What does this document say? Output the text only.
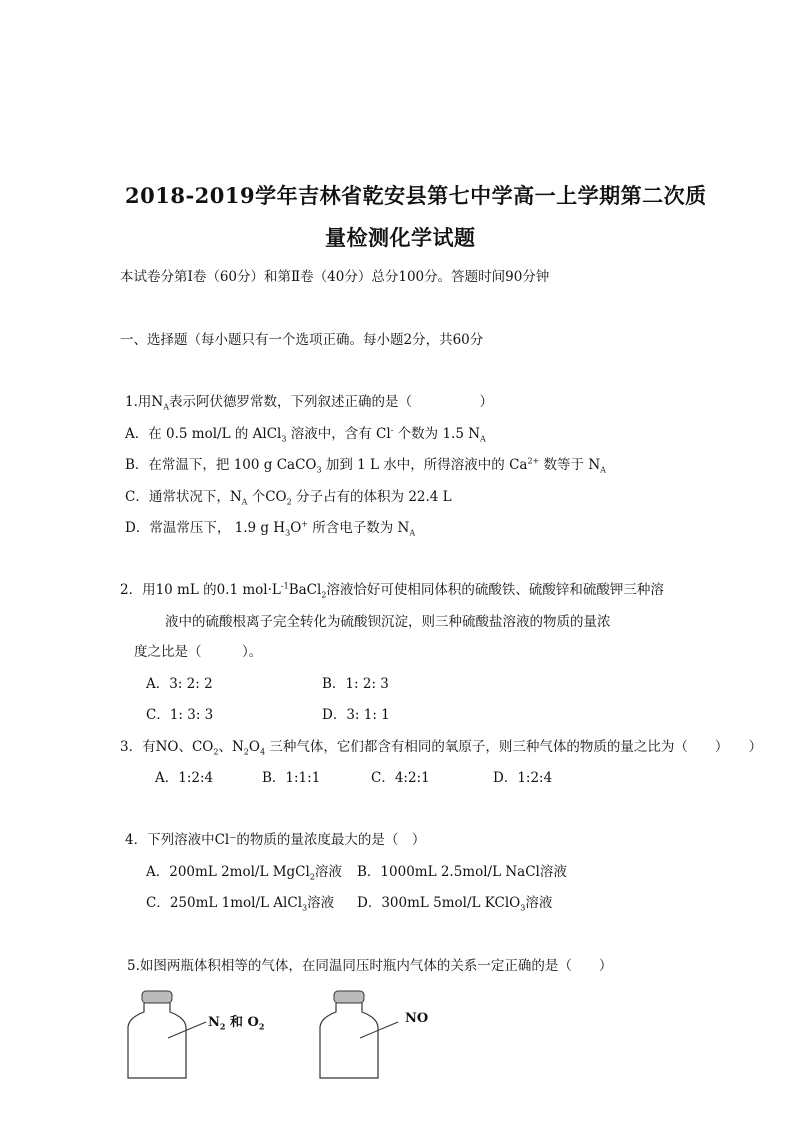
2018-2019学年吉林省乾安县第七中学高一上学期第二次质
量检测化学试题
本试卷分第Ⅰ卷（60分）和第Ⅱ卷（40分）总分100分。答题时间90分钟
一、选择题（每小题只有一个选项正确。每小题2分，共60分
1.用$N_A$表示阿伏德罗常数，下列叙述正确的是（　　　　　）
A．在 0.5 mol/L 的 AlCl$_3$ 溶液中，含有 Cl- 个数为 1.5 $N_A$
B．在常温下，把 100 g CaCO$_3$ 加到 1 L 水中，所得溶液中的 $Ca^{2+}$ 数等于 $N_A$
C．通常状况下，$N_A$ 个$CO_2$ 分子占有的体积为 22.4 L
D．常温常压下， 1.9 g $H_3O^+$ 所含电子数为 $N_A$
2．用10 mL 的0.1 $mol\cdot L^{-1}BaCl_2$溶液恰好可使相同体积的硫酸铁、硫酸锌和硫酸钾三种溶
液中的硫酸根离子完全转化为硫酸钡沉淀，则三种硫酸盐溶液的物质的量浓
度之比是（　　　）。
A．3: 2: 2	B．1: 2: 3
C．1: 3: 3	D．3: 1: 1
3．有NO、$CO_2$、$N_2O_4$ 三种气体，它们都含有相同的氧原子，则三种气体的物质的量之比为（　　）　　）
A．1:2:4	B．1:1:1	C．4:2:1	D．1:2:4
4．下列溶液中Cl⁻的物质的量浓度最大的是（　）
A．200mL 2mol/L MgCl$_2$溶液 B．1000mL 2.5mol/L NaCl溶液
C．250mL 1mol/L AlCl$_3$溶液 D．300mL 5mol/L KClO$_3$溶液
5.如图两瓶体积相等的气体，在同温同压时瓶内气体的关系一定正确的是（　　）
$N_2$ 和 $O_2$
NO
